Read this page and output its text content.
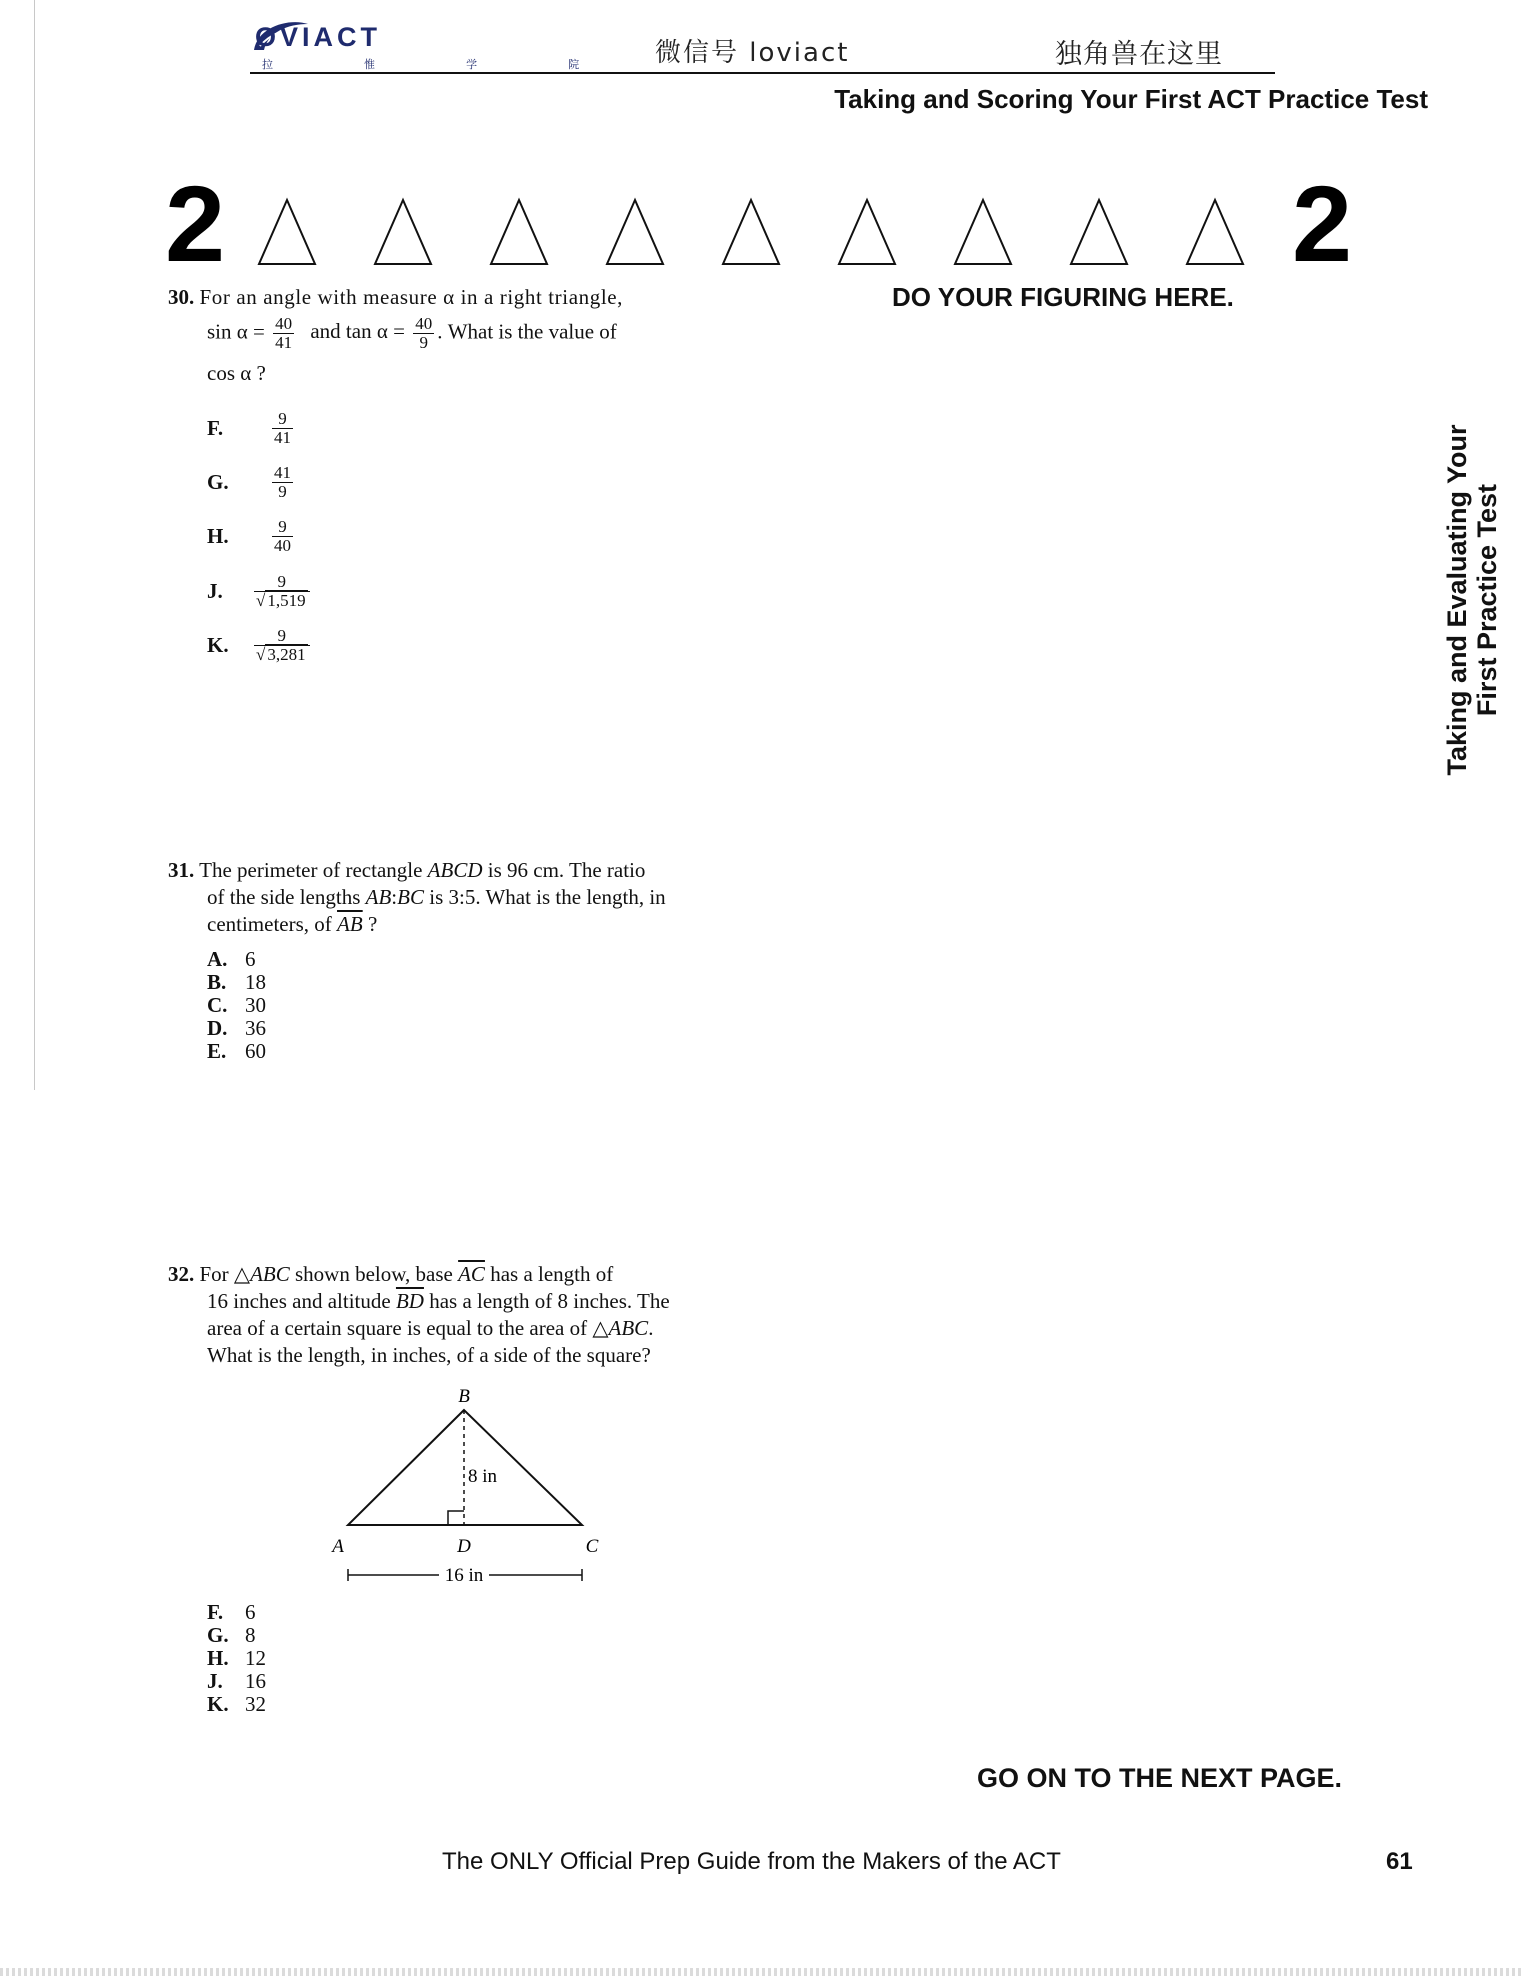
OVIACT
拉 惟 学 院 微信号 loviact	独角兽在这里
Taking and Scoring Your First ACT Practice Test
2	2
DO YOUR FIGURING HERE.
30. For an angle with measure α in a right triangle,
$\sin \alpha = \frac{40}{41}$ and $\tan \alpha = \frac{40}{9}$ . What is the value of
cos α ?
F.	$\frac{9}{41}$
G.	$\frac{41}{9}$
H.	$\frac{9}{40}$
J. $\frac{9}{√ 1,519}$
K. $\frac{9}{√ 3,281}$
31. The perimeter of rectangle ABCD is 96 cm. The ratio
of the side lengths AB:BC is 3:5. What is the length, in
centimeters, of $\overline{AB}$ ?
A. 6
B. 18
C. 30
D. 36
E. 60
32. For △ABC shown below, base $\overline{AC}$ has a length of
16 inches and altitude $\overline{BD}$ has a length of 8 inches. The
area of a certain square is equal to the area of △ABC.
What is the length, in inches, of a side of the square?
B
A	C
D
8 in
16 in
F. 6
G. 8
H. 12
J. 16
K. 32
Taking and Evaluating Your First Practice Test
GO ON TO THE NEXT PAGE.
The ONLY Official Prep Guide from the Makers of the ACT	61
